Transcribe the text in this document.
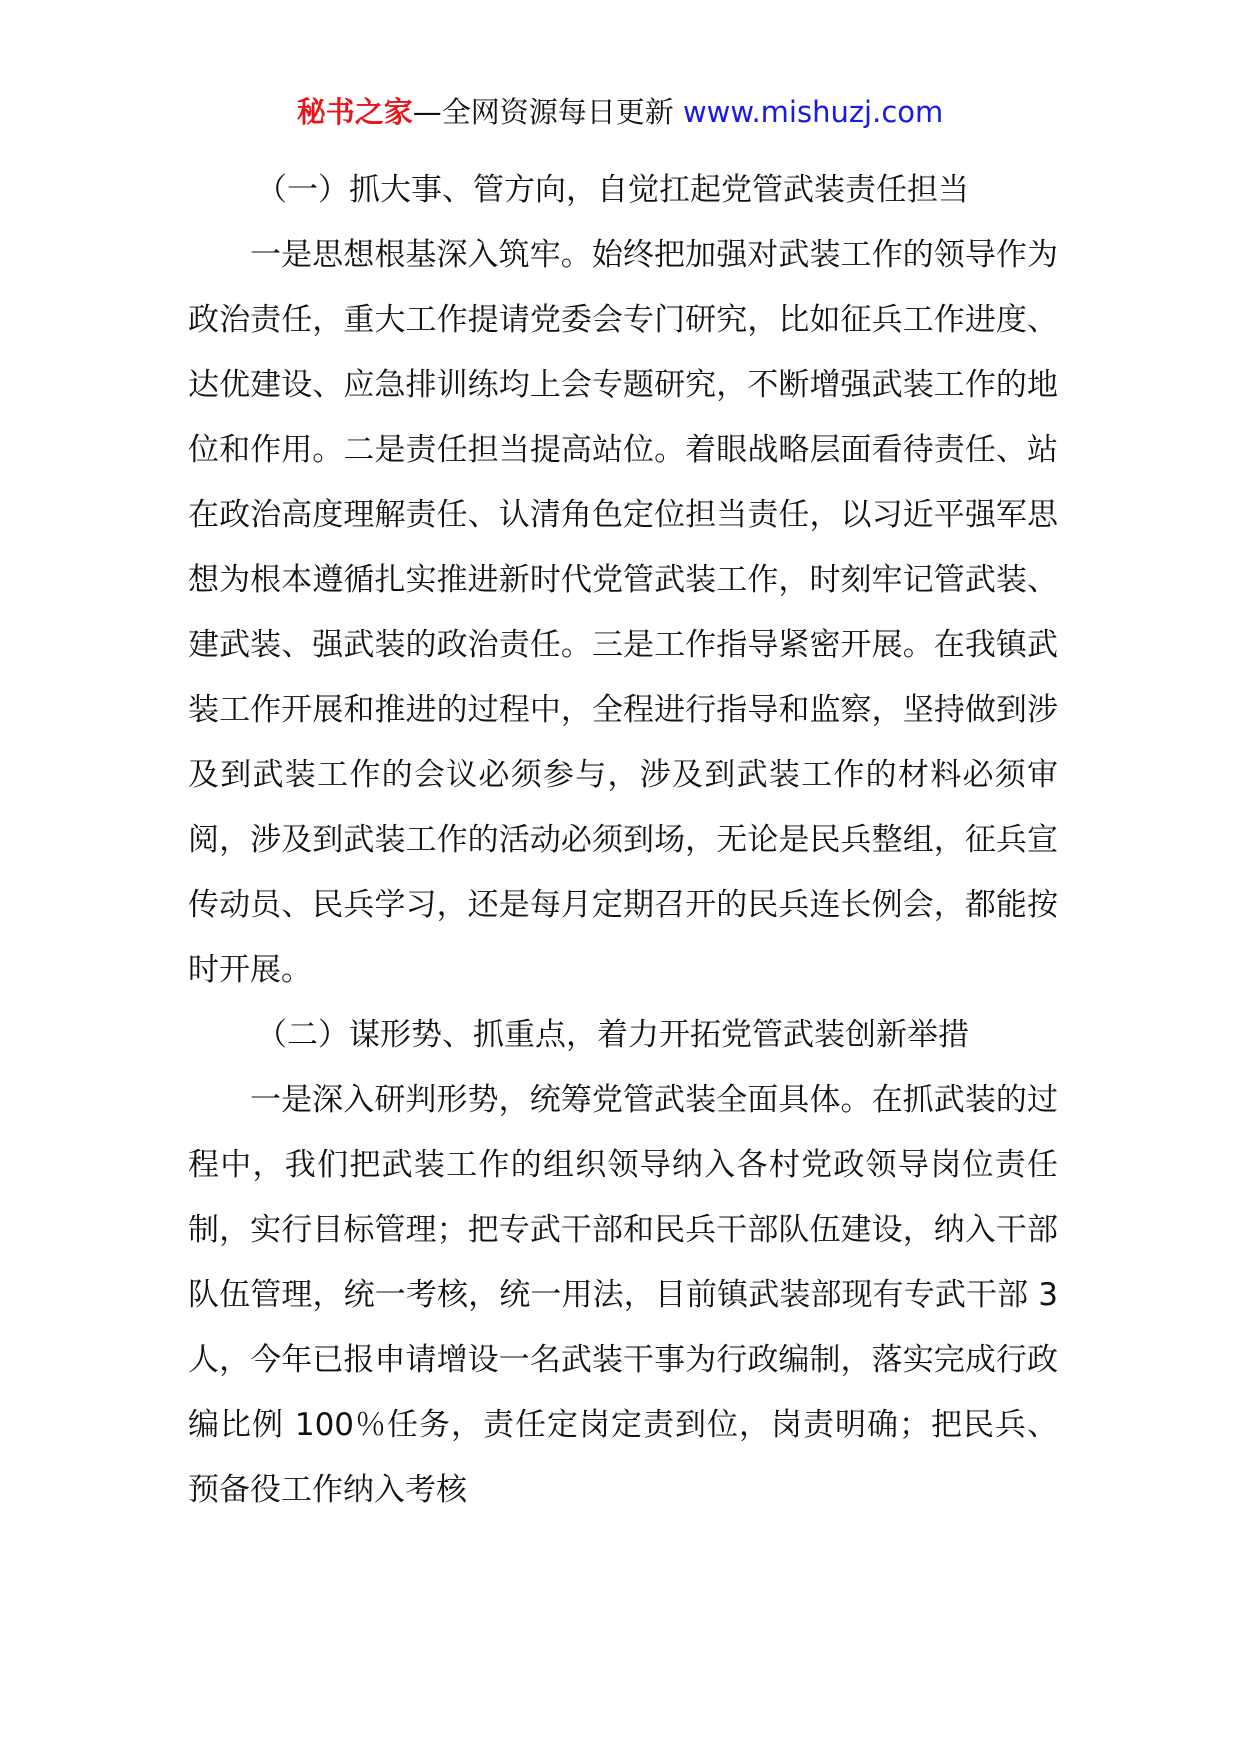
秘书之家—全网资源每日更新 www.mishuzj.com

（一）抓大事、管方向，自觉扛起党管武装责任担当

一是思想根基深入筑牢。始终把加强对武装工作的领导作为政治责任，重大工作提请党委会专门研究，比如征兵工作进度、达优建设、应急排训练均上会专题研究，不断增强武装工作的地位和作用。二是责任担当提高站位。着眼战略层面看待责任、站在政治高度理解责任、认清角色定位担当责任，以习近平强军思想为根本遵循扎实推进新时代党管武装工作，时刻牢记管武装、建武装、强武装的政治责任。三是工作指导紧密开展。在我镇武装工作开展和推进的过程中，全程进行指导和监察，坚持做到涉及到武装工作的会议必须参与，涉及到武装工作的材料必须审阅，涉及到武装工作的活动必须到场，无论是民兵整组，征兵宣传动员、民兵学习，还是每月定期召开的民兵连长例会，都能按时开展。

（二）谋形势、抓重点，着力开拓党管武装创新举措

一是深入研判形势，统筹党管武装全面具体。在抓武装的过程中，我们把武装工作的组织领导纳入各村党政领导岗位责任制，实行目标管理；把专武干部和民兵干部队伍建设，纳入干部队伍管理，统一考核，统一用法，目前镇武装部现有专武干部 3 人，今年已报申请增设一名武装干事为行政编制，落实完成行政编比例 100％任务，责任定岗定责到位，岗责明确；把民兵、预备役工作纳入考核
